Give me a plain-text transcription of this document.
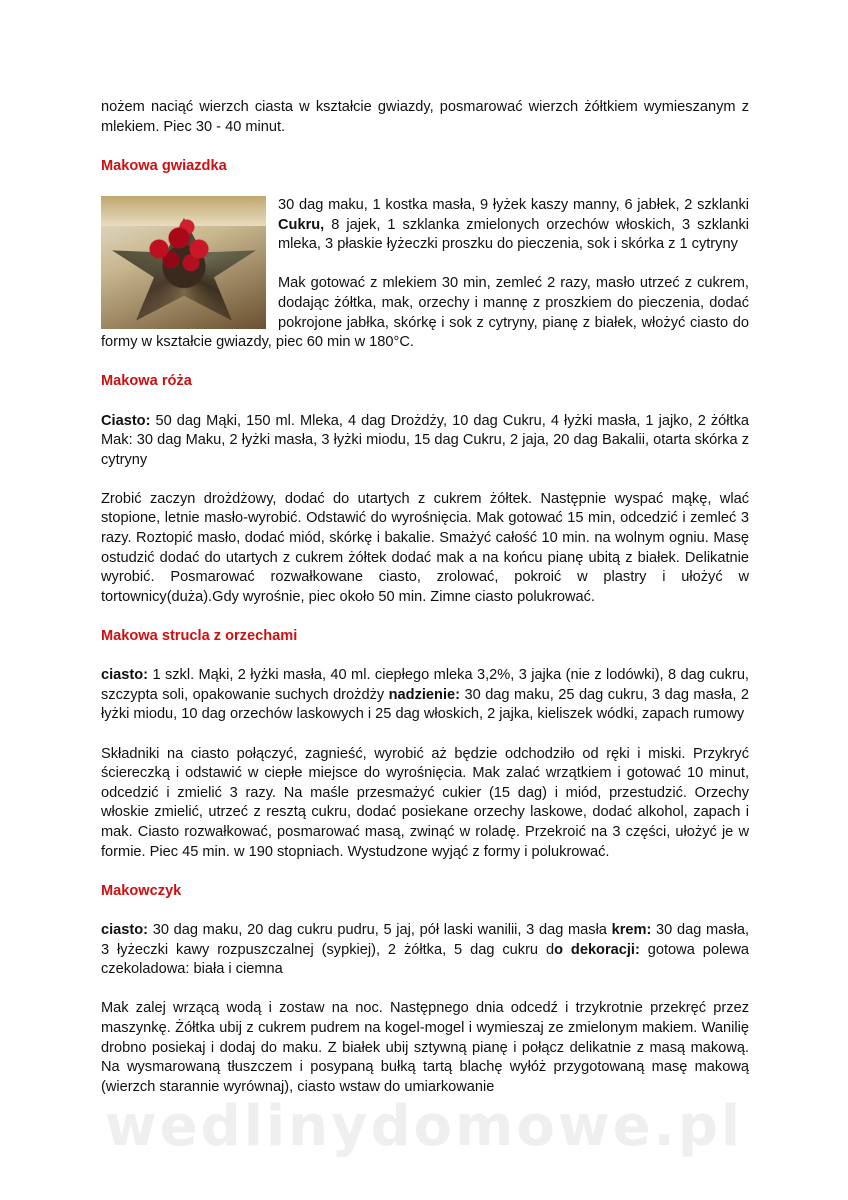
nożem naciąć wierzch ciasta w kształcie gwiazdy, posmarować wierzch żółtkiem wymieszanym z mlekiem. Piec 30 - 40 minut.

Makowa gwiazdka

30 dag maku, 1 kostka masła, 9 łyżek kaszy manny, 6 jabłek, 2 szklanki Cukru, 8 jajek, 1 szklanka zmielonych orzechów włoskich, 3 szklanki mleka, 3 płaskie łyżeczki proszku do pieczenia, sok i skórka z 1 cytryny

Mak gotować z mlekiem 30 min, zemleć 2 razy, masło utrzeć z cukrem, dodając żółtka, mak, orzechy i mannę z proszkiem do pieczenia, dodać pokrojone jabłka, skórkę i sok z cytryny, pianę z białek, włożyć ciasto do formy w kształcie gwiazdy, piec 60 min w 180°C.

Makowa róża

Ciasto: 50 dag Mąki, 150 ml. Mleka, 4 dag Drożdży, 10 dag Cukru, 4 łyżki masła, 1 jajko, 2 żółtka Mak: 30 dag Maku, 2 łyżki masła, 3 łyżki miodu, 15 dag Cukru, 2 jaja, 20 dag Bakalii, otarta skórka z cytryny

Zrobić zaczyn drożdżowy, dodać do utartych z cukrem żółtek. Następnie wyspać mąkę, wlać stopione, letnie masło-wyrobić. Odstawić do wyrośnięcia. Mak gotować 15 min, odcedzić i zemleć 3 razy. Roztopić masło, dodać miód, skórkę i bakalie. Smażyć całość 10 min. na wolnym ogniu. Masę ostudzić dodać do utartych z cukrem żółtek dodać mak a na końcu pianę ubitą z białek. Delikatnie wyrobić. Posmarować rozwałkowane ciasto, zrolować, pokroić w plastry i ułożyć w tortownicy(duża).Gdy wyrośnie, piec około 50 min. Zimne ciasto polukrować.

Makowa strucla z orzechami

ciasto: 1 szkl. Mąki, 2 łyżki masła, 40 ml. ciepłego mleka 3,2%, 3 jajka (nie z lodówki), 8 dag cukru, szczypta soli, opakowanie suchych drożdży nadzienie: 30 dag maku, 25 dag cukru, 3 dag masła, 2 łyżki miodu, 10 dag orzechów laskowych i 25 dag włoskich, 2 jajka, kieliszek wódki, zapach rumowy

Składniki na ciasto połączyć, zagnieść, wyrobić aż będzie odchodziło od ręki i miski. Przykryć ściereczką i odstawić w ciepłe miejsce do wyrośnięcia. Mak zalać wrzątkiem i gotować 10 minut, odcedzić i zmielić 3 razy. Na maśle przesmażyć cukier (15 dag) i miód, przestudzić. Orzechy włoskie zmielić, utrzeć z resztą cukru, dodać posiekane orzechy laskowe, dodać alkohol, zapach i mak. Ciasto rozwałkować, posmarować masą, zwinąć w roladę. Przekroić na 3 części, ułożyć je w formie. Piec 45 min. w 190 stopniach. Wystudzone wyjąć z formy i polukrować.

Makowczyk

ciasto: 30 dag maku, 20 dag cukru pudru, 5 jaj, pół laski wanilii, 3 dag masła krem: 30 dag masła, 3 łyżeczki kawy rozpuszczalnej (sypkiej), 2 żółtka, 5 dag cukru do dekoracji: gotowa polewa czekoladowa: biała i ciemna

Mak zalej wrzącą wodą i zostaw na noc. Następnego dnia odcedź i trzykrotnie przekręć przez maszynkę. Żółtka ubij z cukrem pudrem na kogel-mogel i wymieszaj ze zmielonym makiem. Wanilię drobno posiekaj i dodaj do maku. Z białek ubij sztywną pianę i połącz delikatnie z masą makową. Na wysmarowaną tłuszczem i posypaną bułką tartą blachę wyłóż przygotowaną masę makową (wierzch starannie wyrównaj), ciasto wstaw do umiarkowanie

wedlinydomowe.pl
